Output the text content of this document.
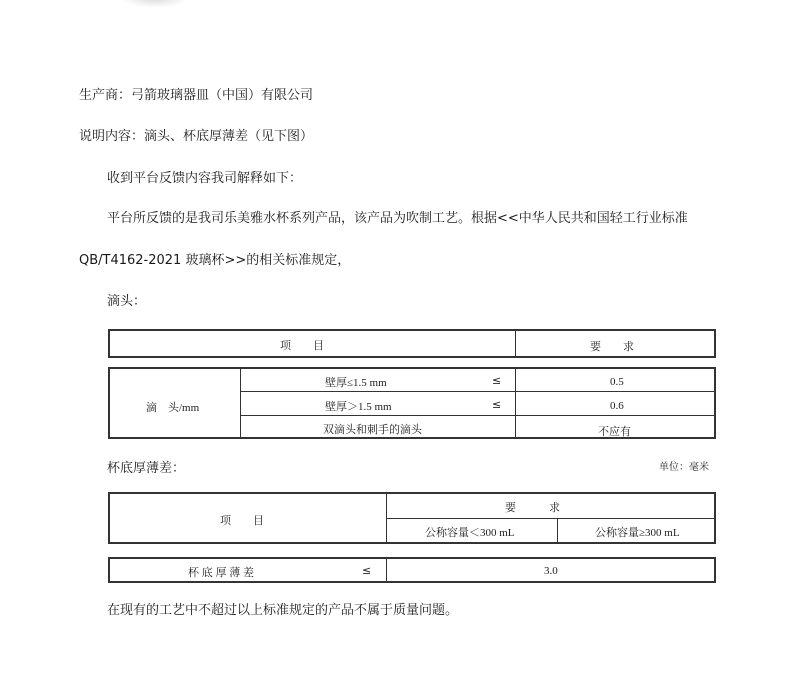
生产商：弓箭玻璃器皿（中国）有限公司
说明内容：滴头、杯底厚薄差（见下图）
收到平台反馈内容我司解释如下：
平台所反馈的是我司乐美雅水杯系列产品，该产品为吹制工艺。根据<<中华人民共和国轻工行业标准
QB/T4162-2021 玻璃杯>>的相关标准规定，
滴头：
项　　目	要　　求
滴　头/mm
壁厚≤1.5 mm	≤	0.5
壁厚＞1.5 mm	≤	0.6
双滴头和刺手的滴头	不应有
杯底厚薄差：	单位：毫米
项　　目
要　　　求
公称容量＜300 mL	公称容量≥300 mL
杯 底 厚 薄 差	≤	3.0
在现有的工艺中不超过以上标准规定的产品不属于质量问题。
